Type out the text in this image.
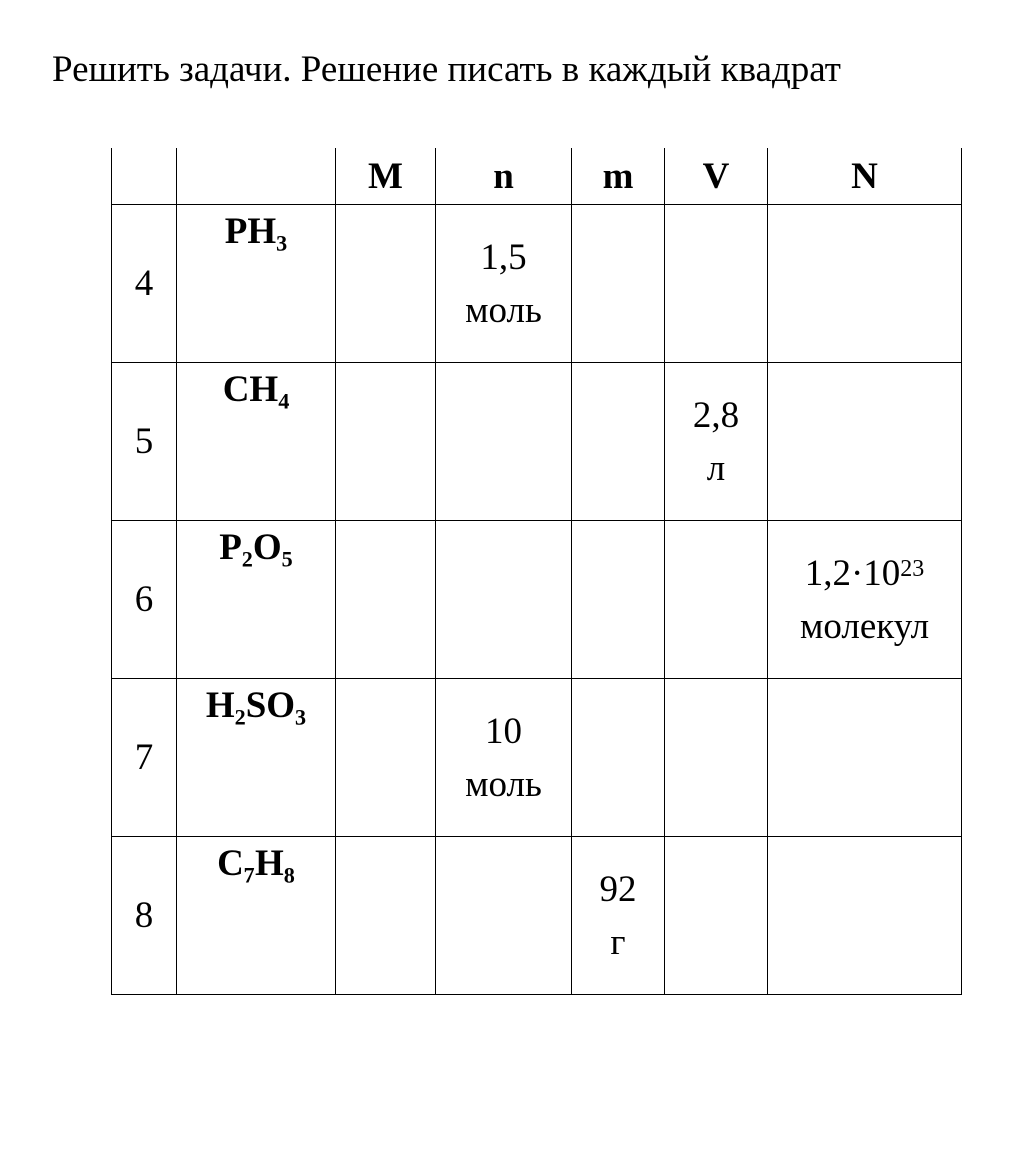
Решить задачи. Решение писать в каждый квадрат
		M	n	m	V	N
4	PH₃		1,5
моль			

5	CH₄				2,8
л	

6	P₂O₅					$1,2\cdot 10^{23}$
молекул

7	H₂SO₃		10
моль			

8	C₇H₈			92
г		
